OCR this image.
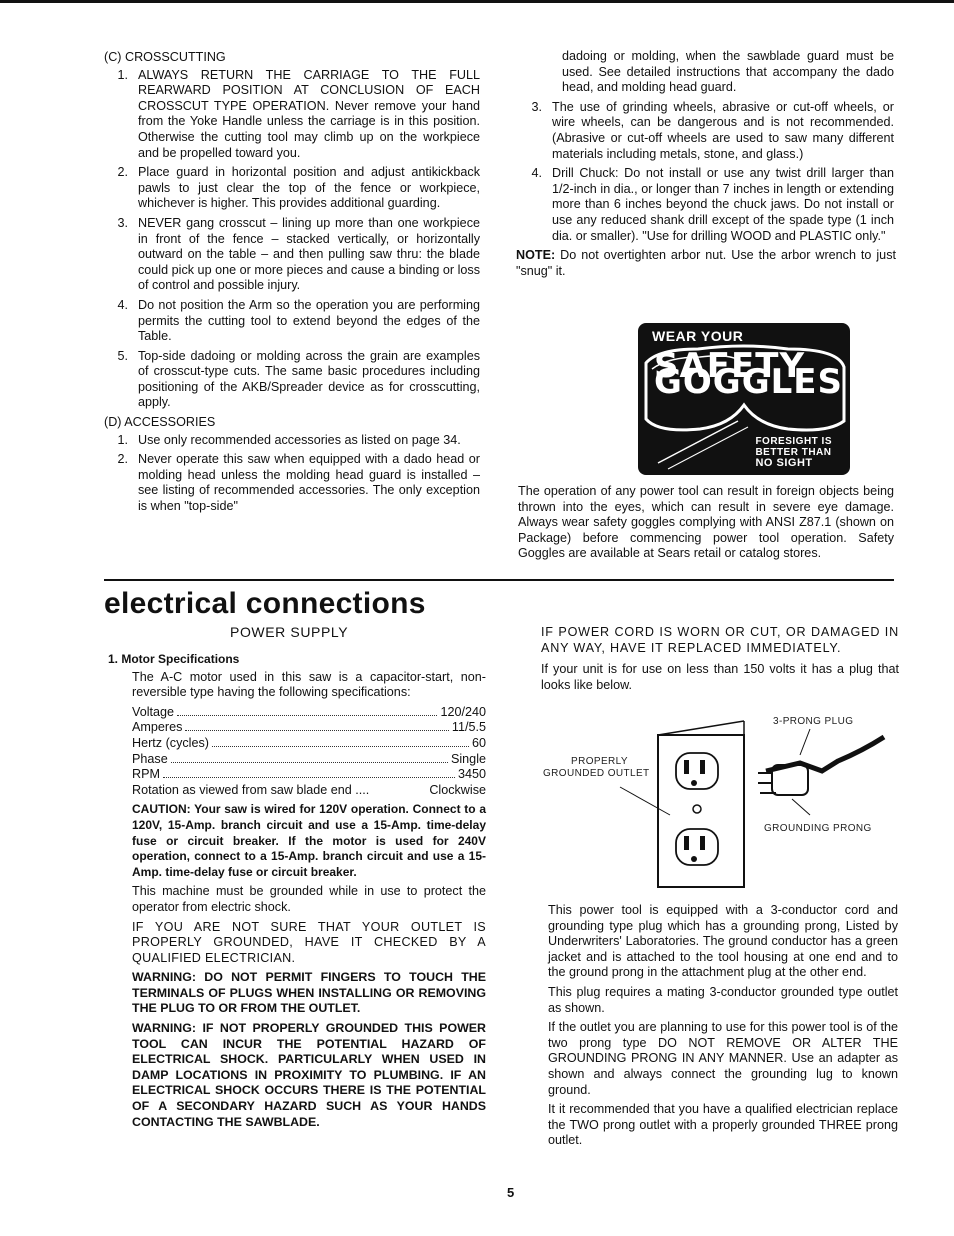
(C) CROSSCUTTING
1. ALWAYS RETURN THE CARRIAGE TO THE FULL REARWARD POSITION AT CONCLUSION OF EACH CROSSCUT TYPE OPERATION. Never remove your hand from the Yoke Handle unless the carriage is in this position. Otherwise the cutting tool may climb up on the workpiece and be propelled toward you.
2. Place guard in horizontal position and adjust antikickback pawls to just clear the top of the fence or workpiece, whichever is higher. This provides additional guarding.
3. NEVER gang crosscut – lining up more than one workpiece in front of the fence – stacked vertically, or horizontally outward on the table – and then pulling saw thru: the blade could pick up one or more pieces and cause a binding or loss of control and possible injury.
4. Do not position the Arm so the operation you are performing permits the cutting tool to extend beyond the edges of the Table.
5. Top-side dadoing or molding across the grain are examples of crosscut-type cuts. The same basic procedures including positioning of the AKB/Spreader device as for crosscutting, apply.
(D) ACCESSORIES
1. Use only recommended accessories as listed on page 34.
2. Never operate this saw when equipped with a dado head or molding head unless the molding head guard is installed – see listing of recommended accessories. The only exception is when "top-side"

dadoing or molding, when the sawblade guard must be used. See detailed instructions that accompany the dado head, and molding head guard.

3. The use of grinding wheels, abrasive or cut-off wheels, or wire wheels, can be dangerous and is not recommended. (Abrasive or cut-off wheels are used to saw many different materials including metals, stone, and glass.)
4. Drill Chuck: Do not install or use any twist drill larger than 1/2-inch in dia., or longer than 7 inches in length or extending more than 6 inches beyond the chuck jaws. Do not install or use any reduced shank drill except of the spade type (1 inch dia. or smaller). "Use for drilling WOOD and PLASTIC only."

NOTE: Do not overtighten arbor nut. Use the arbor wrench to just "snug" it.

WEAR YOUR
SAFETY GOGGLES
FORESIGHT IS
BETTER THAN
NO SIGHT

The operation of any power tool can result in foreign objects being thrown into the eyes, which can result in severe eye damage. Always wear safety goggles complying with ANSI Z87.1 (shown on Package) before commencing power tool operation. Safety Goggles are available at Sears retail or catalog stores.

electrical connections
POWER SUPPLY
1. Motor Specifications

The A-C motor used in this saw is a capacitor-start, non-reversible type having the following specifications:

Voltage	120/240
Amperes	11/5.5
Hertz (cycles)	60
Phase	Single
RPM	3450
Rotation as viewed from saw blade end ....	Clockwise

CAUTION: Your saw is wired for 120V operation. Connect to a 120V, 15-Amp. branch circuit and use a 15-Amp. time-delay fuse or circuit breaker. If the motor is used for 240V operation, connect to a 15-Amp. branch circuit and use a 15-Amp. time-delay fuse or circuit breaker.

This machine must be grounded while in use to protect the operator from electric shock.

IF YOU ARE NOT SURE THAT YOUR OUTLET IS PROPERLY GROUNDED, HAVE IT CHECKED BY A QUALIFIED ELECTRICIAN.

WARNING: DO NOT PERMIT FINGERS TO TOUCH THE TERMINALS OF PLUGS WHEN INSTALLING OR REMOVING THE PLUG TO OR FROM THE OUTLET.

WARNING: IF NOT PROPERLY GROUNDED THIS POWER TOOL CAN INCUR THE POTENTIAL HAZARD OF ELECTRICAL SHOCK. PARTICULARLY WHEN USED IN DAMP LOCATIONS IN PROXIMITY TO PLUMBING. IF AN ELECTRICAL SHOCK OCCURS THERE IS THE POTENTIAL OF A SECONDARY HAZARD SUCH AS YOUR HANDS CONTACTING THE SAWBLADE.

IF POWER CORD IS WORN OR CUT, OR DAMAGED IN ANY WAY, HAVE IT REPLACED IMMEDIATELY.

If your unit is for use on less than 150 volts it has a plug that looks like below.

3-PRONG PLUG
PROPERLY
GROUNDED OUTLET
GROUNDING PRONG

This power tool is equipped with a 3-conductor cord and grounding type plug which has a grounding prong, Listed by Underwriters' Laboratories. The ground conductor has a green jacket and is attached to the tool housing at one end and to the ground prong in the attachment plug at the other end.

This plug requires a mating 3-conductor grounded type outlet as shown.

If the outlet you are planning to use for this power tool is of the two prong type DO NOT REMOVE OR ALTER THE GROUNDING PRONG IN ANY MANNER. Use an adapter as shown and always connect the grounding lug to known ground.

It it recommended that you have a qualified electrician replace the TWO prong outlet with a properly grounded THREE prong outlet.

5
